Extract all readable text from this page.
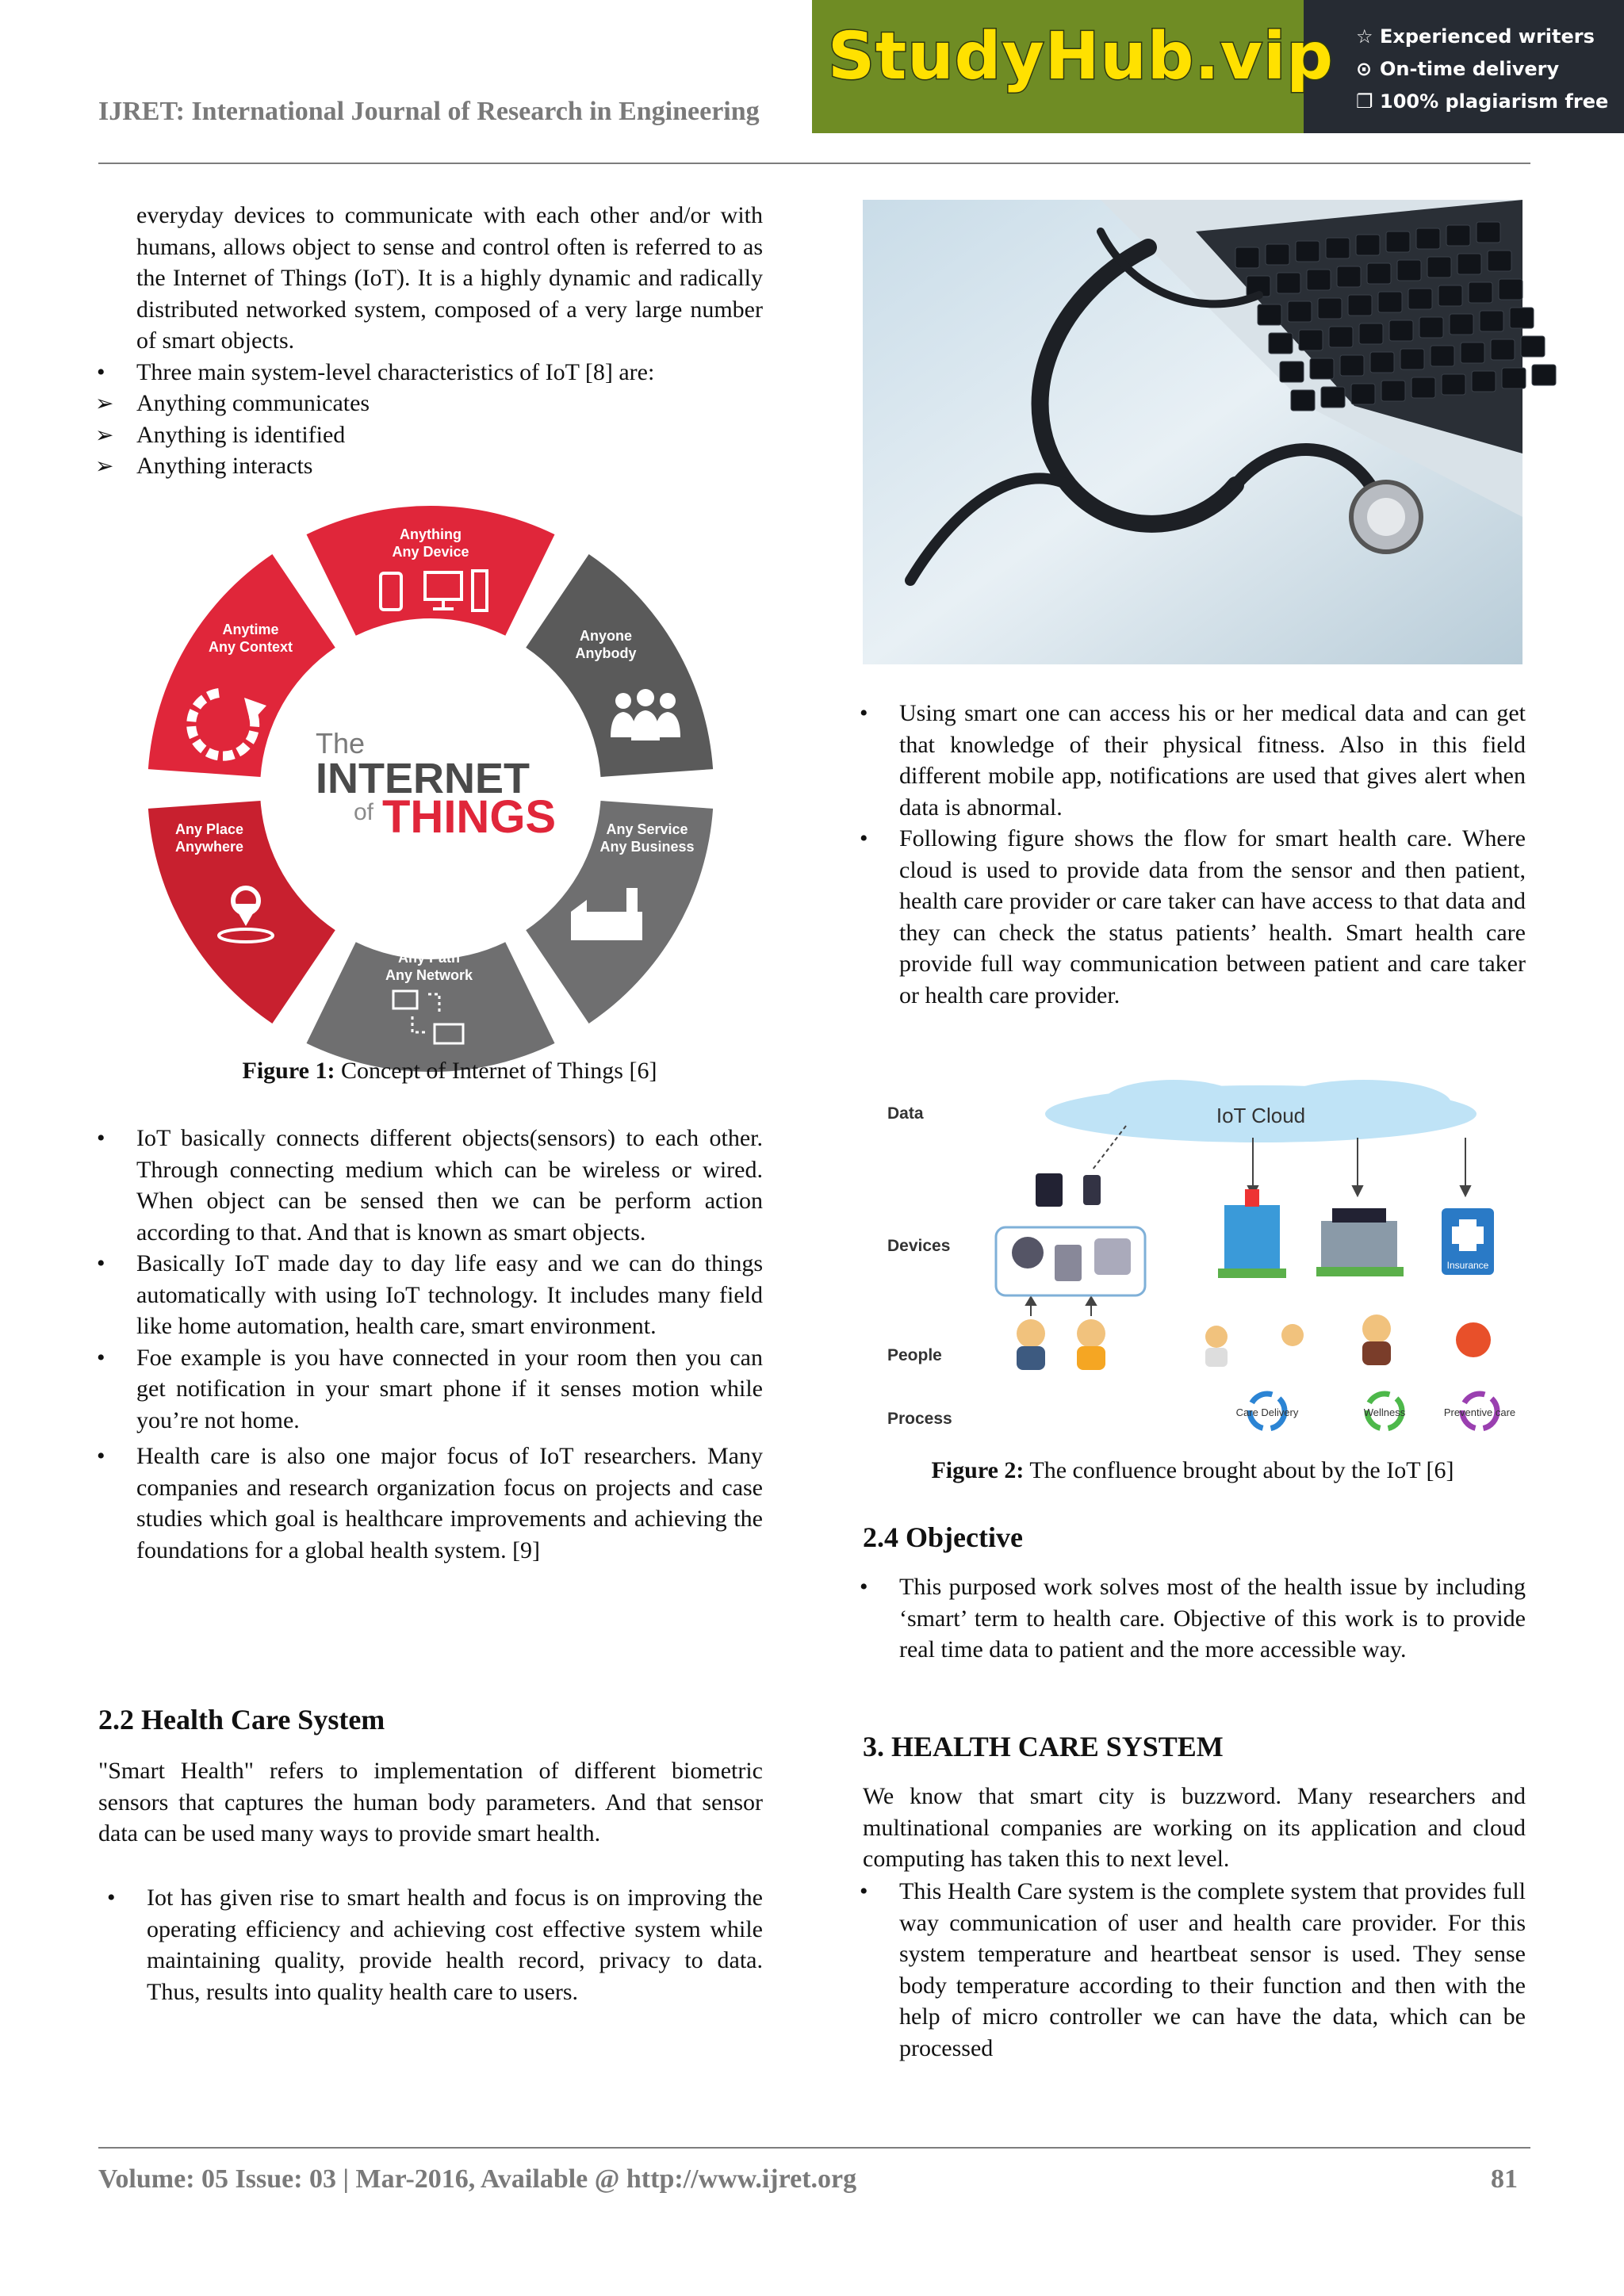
IJRET: International Journal of Research in Engineering
StudyHub.vip ☆ Experienced writers
⊙ On-time delivery
❐ 100% plagiarism free

everyday devices to communicate with each other and/or with humans, allows object to sense and control often is referred to as the Internet of Things (IoT). It is a highly dynamic and radically distributed networked system, composed of a very large number of smart objects.

• Three main system-level characteristics of IoT [8] are:

➢ Anything communicates

➢ Anything is identified

➢ Anything interacts

Anything
Any Device
Anyone
Anybody
Any Service
Any Business
Any Path
Any Network
Any Place
Anywhere
Anytime
Any Context
The
INTERNET
of THINGS
Figure 1: Concept of Internet of Things [6]

• IoT basically connects different objects(sensors) to each other. Through connecting medium which can be wireless or wired. When object can be sensed then we can be perform action according to that. And that is known as smart objects.

• Basically IoT made day to day life easy and we can do things automatically with using IoT technology. It includes many field like home automation, health care, smart environment.

• Foe example is you have connected in your room then you can get notification in your smart phone if it senses motion while you’re not home.

• Health care is also one major focus of IoT researchers. Many companies and research organization focus on projects and case studies which goal is healthcare improvements and achieving the foundations for a global health system. [9]

2.2 Health Care System
"Smart Health" refers to implementation of different biometric sensors that captures the human body parameters. And that sensor data can be used many ways to provide smart health.

• Iot has given rise to smart health and focus is on improving the operating efficiency and achieving cost effective system while maintaining quality, provide health record, privacy to data. Thus, results into quality health care to users.

• Using smart one can access his or her medical data and can get that knowledge of their physical fitness. Also in this field different mobile app, notifications are used that gives alert when data is abnormal.

• Following figure shows the flow for smart health care. Where cloud is used to provide data from the sensor and then patient, health care provider or care taker can have access to that data and they can check the status patients’ health. Smart health care provide full way communication between patient and care taker or health care provider.

Data
Devices
People
Process
IoT Cloud
Insurance
Care Delivery	Wellness	Preventive care
Figure 2: The confluence brought about by the IoT [6]
2.4 Objective

• This purposed work solves most of the health issue by including ‘smart’ term to health care. Objective of this work is to provide real time data to patient and the more accessible way.

3. HEALTH CARE SYSTEM
We know that smart city is buzzword. Many researchers and multinational companies are working on its application and cloud computing has taken this to next level.

• This Health Care system is the complete system that provides full way communication of user and health care provider. For this system temperature and heartbeat sensor is used. They sense body temperature according to their function and then with the help of micro controller we can have the data, which can be processed

Volume: 05 Issue: 03 | Mar-2016, Available @ http://www.ijret.org	81
